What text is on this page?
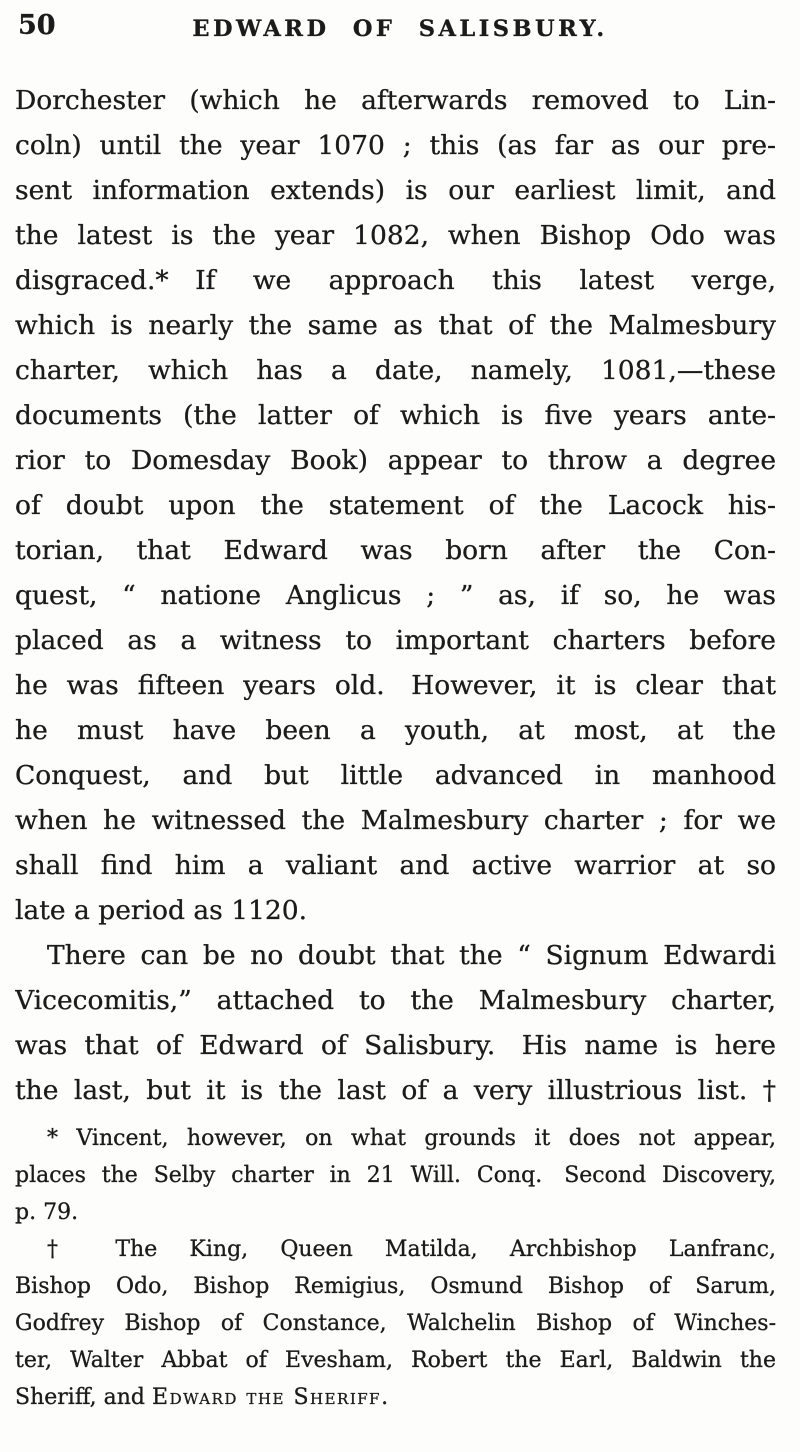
50	EDWARD OF SALISBURY.
Dorchester (which he afterwards removed to Lin-
coln) until the year 1070 ; this (as far as our pre-
sent information extends) is our earliest limit, and
the latest is the year 1082, when Bishop Odo was
disgraced.* If we approach this latest verge,
which is nearly the same as that of the Malmesbury
charter, which has a date, namely, 1081,—these
documents (the latter of which is five years ante-
rior to Domesday Book) appear to throw a degree
of doubt upon the statement of the Lacock his-
torian, that Edward was born after the Con-
quest, “ natione Anglicus ; ” as, if so, he was
placed as a witness to important charters before
he was fifteen years old. However, it is clear that
he must have been a youth, at most, at the
Conquest, and but little advanced in manhood
when he witnessed the Malmesbury charter ; for we
shall find him a valiant and active warrior at so
late a period as 1120.
There can be no doubt that the “ Signum Edwardi
Vicecomitis,” attached to the Malmesbury charter,
was that of Edward of Salisbury. His name is here
the last, but it is the last of a very illustrious list. †
* Vincent, however, on what grounds it does not appear,
places the Selby charter in 21 Will. Conq. Second Discovery,
p. 79.
† The King, Queen Matilda, Archbishop Lanfranc,
Bishop Odo, Bishop Remigius, Osmund Bishop of Sarum,
Godfrey Bishop of Constance, Walchelin Bishop of Winches-
ter, Walter Abbat of Evesham, Robert the Earl, Baldwin the
Sheriff, and Edward the Sheriff.
